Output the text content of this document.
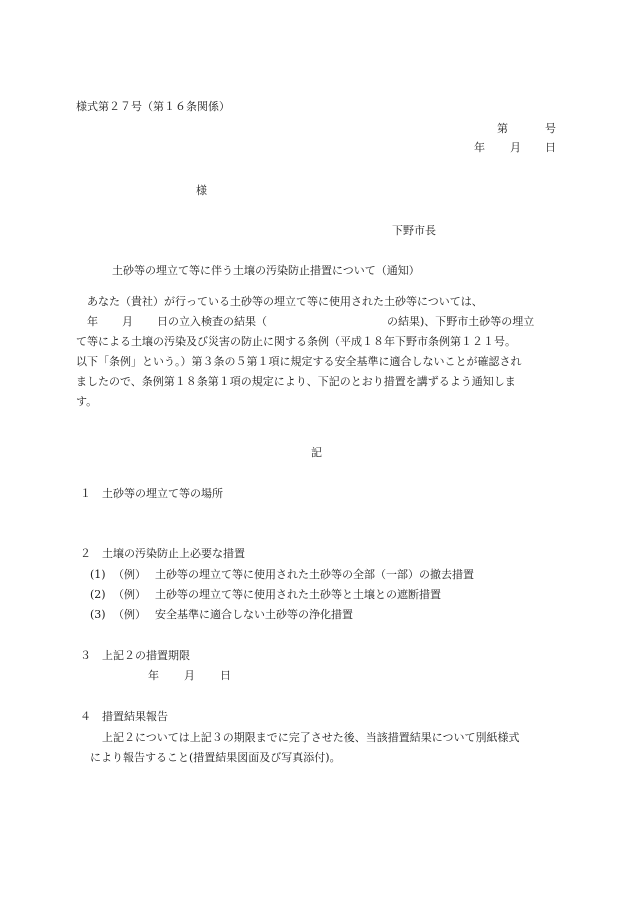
様式第２７号（第１６条関係）
第	号
年 月 日
様
下野市長
土砂等の埋立て等に伴う土壌の汚染防止措置について（通知）
あなた（貴社）が行っている土砂等の埋立て等に使用された土砂等については、
年 月 日の立入検査の結果（	の結果)、下野市土砂等の埋立
て等による土壌の汚染及び災害の防止に関する条例（平成１８年下野市条例第１２１号。
以下「条例」という。）第３条の５第１項に規定する安全基準に適合しないことが確認され
ましたので、条例第１８条第１項の規定により、下記のとおり措置を講ずるよう通知しま
す。
記
１ 土砂等の埋立て等の場所
２ 土壌の汚染防止上必要な措置
(1) （例） 土砂等の埋立て等に使用された土砂等の全部（一部）の撤去措置
(2) （例） 土砂等の埋立て等に使用された土砂等と土壌との遮断措置
(3) （例） 安全基準に適合しない土砂等の浄化措置
３ 上記２の措置期限
年 月 日
４ 措置結果報告
上記２については上記３の期限までに完了させた後、当該措置結果について別紙様式
により報告すること(措置結果図面及び写真添付)。
